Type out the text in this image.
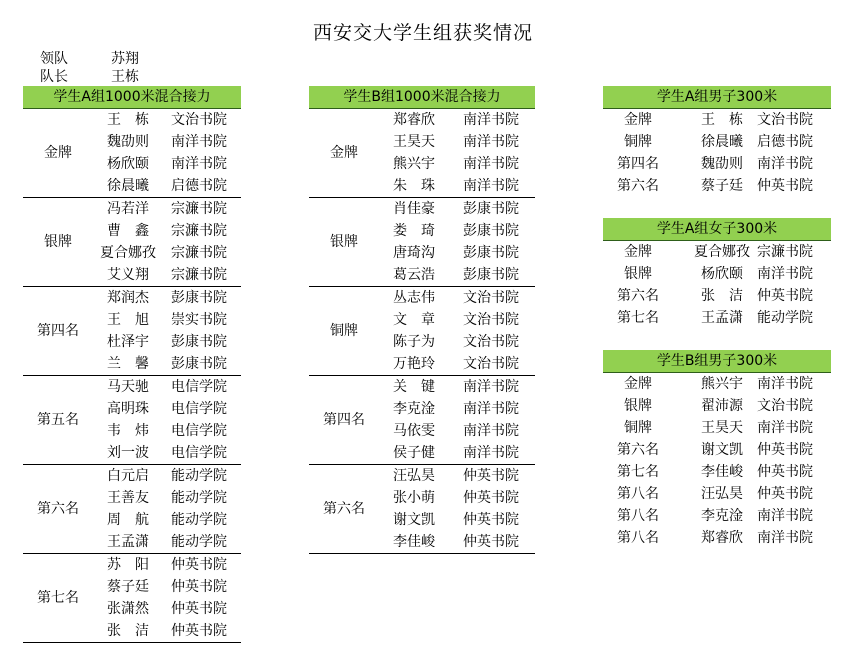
西安交大学生组获奖情况
领队	苏翔
队长	王栋
学生A组1000米混合接力
金牌
王　栋	文治书院
魏劭则	南洋书院
杨欣颐	南洋书院
徐晨曦	启德书院
银牌
冯若洋	宗濂书院
曹　鑫	宗濂书院
夏合娜孜	宗濂书院
艾义翔	宗濂书院
第四名
郑润杰	彭康书院
王　旭	崇实书院
杜泽宇	彭康书院
兰　馨	彭康书院
第五名
马天驰	电信学院
高明珠	电信学院
韦　炜	电信学院
刘一波	电信学院
第六名
白元启	能动学院
王善友	能动学院
周　航	能动学院
王孟潇	能动学院
第七名
苏　阳	仲英书院
蔡子廷	仲英书院
张潇然	仲英书院
张　洁	仲英书院
学生B组1000米混合接力
金牌
郑睿欣	南洋书院
王昊天	南洋书院
熊兴宇	南洋书院
朱　珠	南洋书院
银牌
肖佳豪	彭康书院
娄　琦	彭康书院
唐琦沟	彭康书院
葛云浩	彭康书院
铜牌
丛志伟	文治书院
文　章	文治书院
陈子为	文治书院
万艳玲	文治书院
第四名
关　键	南洋书院
李克淦	南洋书院
马依雯	南洋书院
侯子健	南洋书院
第六名
汪弘昊	仲英书院
张小萌	仲英书院
谢文凯	仲英书院
李佳峻	仲英书院
学生A组男子300米
金牌	王　栋	文治书院
铜牌	徐晨曦	启德书院
第四名	魏劭则	南洋书院
第六名	蔡子廷	仲英书院
学生A组女子300米
金牌	夏合娜孜 宗濂书院
银牌	杨欣颐	南洋书院
第六名	张　洁	仲英书院
第七名	王孟潇	能动学院
学生B组男子300米
金牌	熊兴宇	南洋书院
银牌	翟沛源	文治书院
铜牌	王昊天	南洋书院
第六名	谢文凯	仲英书院
第七名	李佳峻	仲英书院
第八名	汪弘昊	仲英书院
第八名	李克淦	南洋书院
第八名	郑睿欣	南洋书院
